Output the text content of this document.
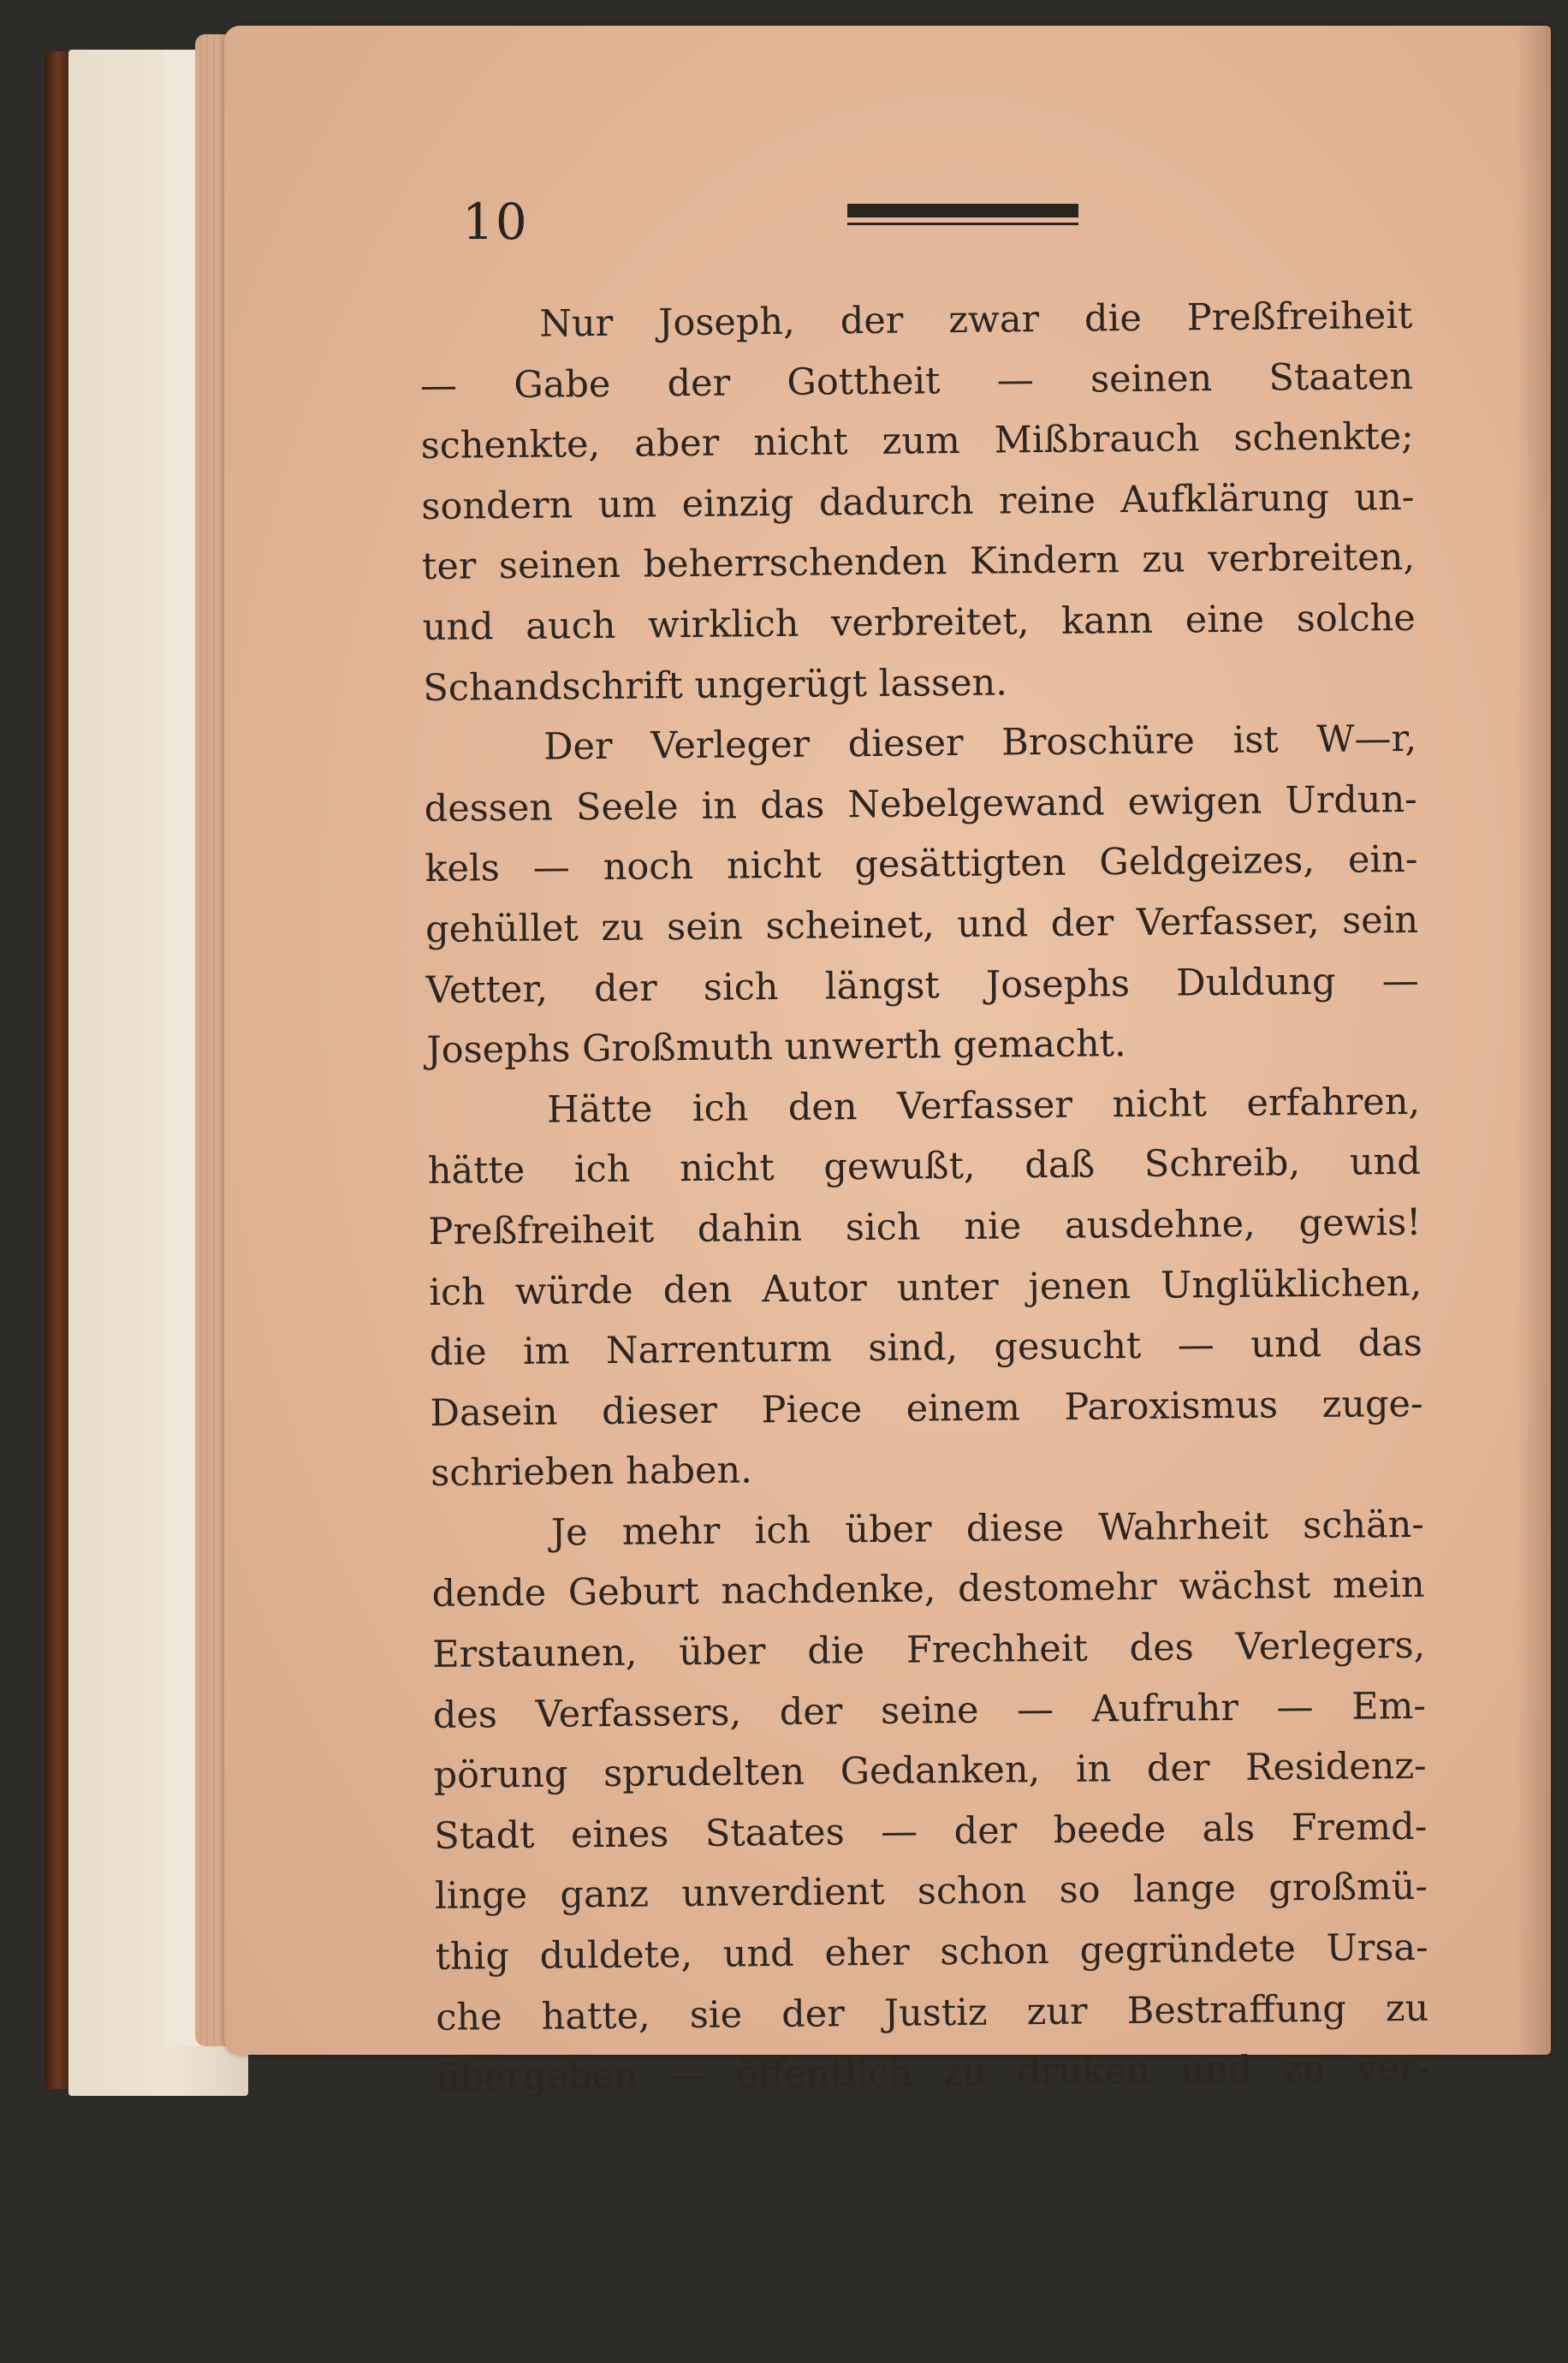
10
Nur Joseph, der zwar die Preßfreiheit
— Gabe der Gottheit — seinen Staaten
schenkte, aber nicht zum Mißbrauch schenkte;
sondern um einzig dadurch reine Aufklärung un-
ter seinen beherrschenden Kindern zu verbreiten,
und auch wirklich verbreitet, kann eine solche
Schandschrift ungerügt lassen.
Der Verleger dieser Broschüre ist W—r,
dessen Seele in das Nebelgewand ewigen Urdun-
kels — noch nicht gesättigten Geldgeizes, ein-
gehüllet zu sein scheinet, und der Verfasser, sein
Vetter, der sich längst Josephs Duldung —
Josephs Großmuth unwerth gemacht.
Hätte ich den Verfasser nicht erfahren,
hätte ich nicht gewußt, daß Schreib, und
Preßfreiheit dahin sich nie ausdehne, gewis!
ich würde den Autor unter jenen Unglüklichen,
die im Narrenturm sind, gesucht — und das
Dasein dieser Piece einem Paroxismus zuge-
schrieben haben.
Je mehr ich über diese Wahrheit schän-
dende Geburt nachdenke, destomehr wächst mein
Erstaunen, über die Frechheit des Verlegers,
des Verfassers, der seine — Aufruhr — Em-
pörung sprudelten Gedanken, in der Residenz-
Stadt eines Staates — der beede als Fremd-
linge ganz unverdient schon so lange großmü-
thig duldete, und eher schon gegründete Ursa-
che hatte, sie der Justiz zur Bestraffung zu
übergeben — öffentlich zu druken und zu ver-
